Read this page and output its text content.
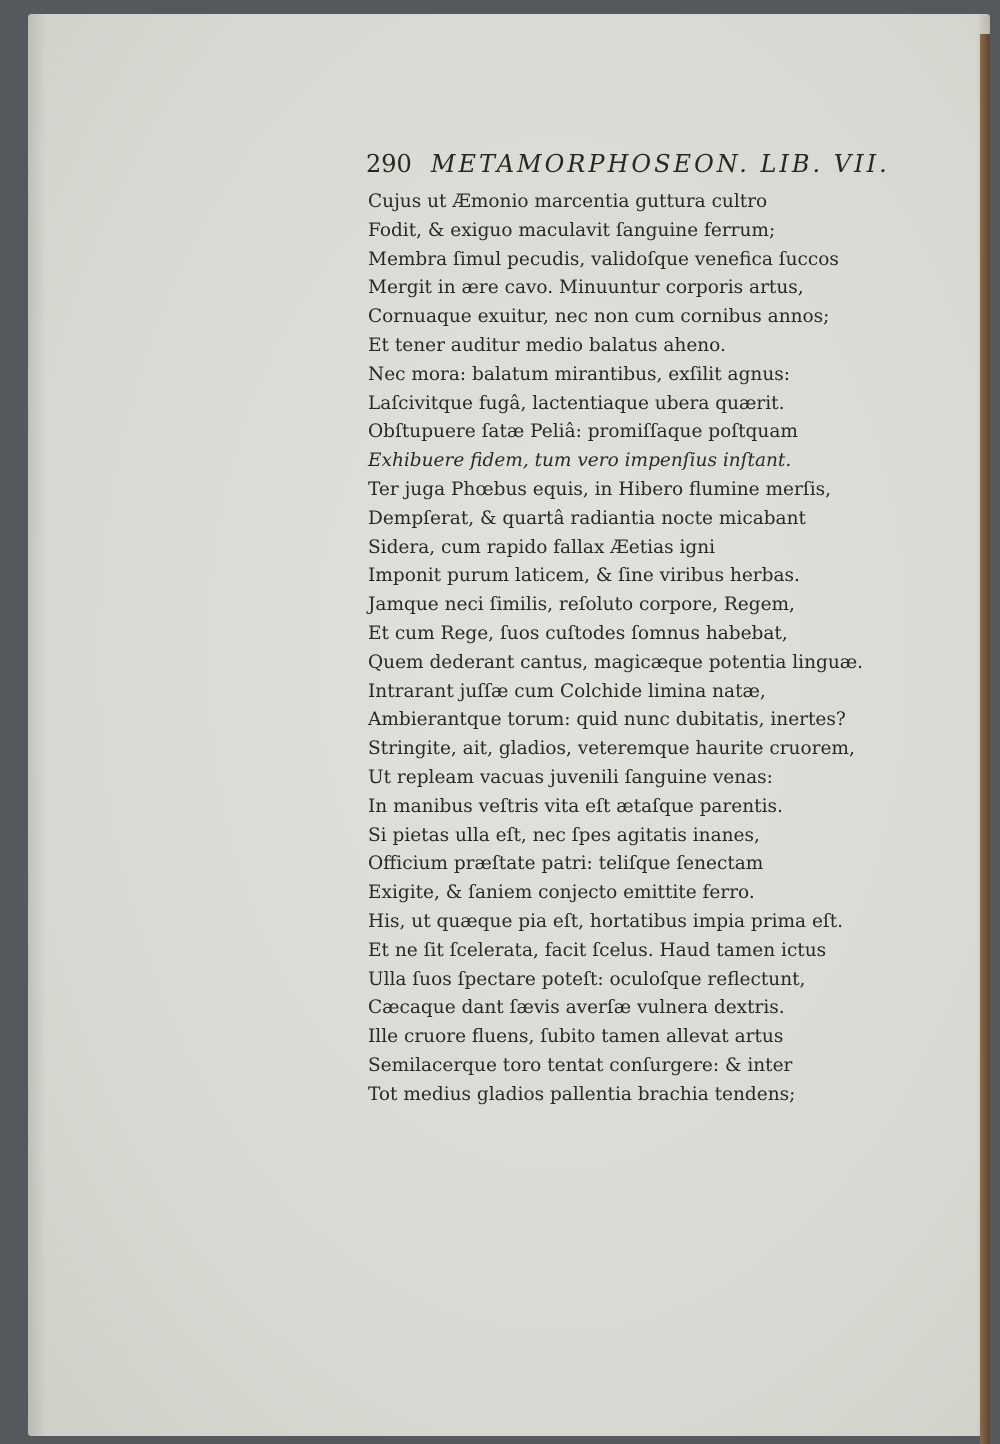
290 METAMORPHOSEON. LIB. VII.
Cujus ut Æmonio marcentia guttura cultro
Fodit, & exiguo maculavit ſanguine ferrum;
Membra ſimul pecudis, validoſque venefica ſuccos
Mergit in ære cavo. Minuuntur corporis artus,
Cornuaque exuitur, nec non cum cornibus annos;
Et tener auditur medio balatus aheno.
Nec mora: balatum mirantibus, exſilit agnus:
Laſcivitque fugâ, lactentiaque ubera quærit.
Obſtupuere ſatæ Peliâ: promiſſaque poſtquam
Exhibuere fidem, tum vero impenſius inſtant.
Ter juga Phœbus equis, in Hibero flumine merſis,
Dempſerat, & quartâ radiantia nocte micabant
Sidera, cum rapido fallax Æetias igni
Imponit purum laticem, & ſine viribus herbas.
Jamque neci ſimilis, reſoluto corpore, Regem,
Et cum Rege, ſuos cuſtodes ſomnus habebat,
Quem dederant cantus, magicæque potentia linguæ.
Intrarant juſſæ cum Colchide limina natæ,
Ambierantque torum: quid nunc dubitatis, inertes?
Stringite, ait, gladios, veteremque haurite cruorem,
Ut repleam vacuas juvenili ſanguine venas:
In manibus veſtris vita eſt ætaſque parentis.
Si pietas ulla eſt, nec ſpes agitatis inanes,
Officium præſtate patri: teliſque ſenectam
Exigite, & ſaniem conjecto emittite ferro.
His, ut quæque pia eſt, hortatibus impia prima eſt.
Et ne ſit ſcelerata, facit ſcelus. Haud tamen ictus
Ulla ſuos ſpectare poteſt: oculoſque reflectunt,
Cæcaque dant ſævis averſæ vulnera dextris.
Ille cruore fluens, ſubito tamen allevat artus
Semilacerque toro tentat conſurgere: & inter
Tot medius gladios pallentia brachia tendens;
